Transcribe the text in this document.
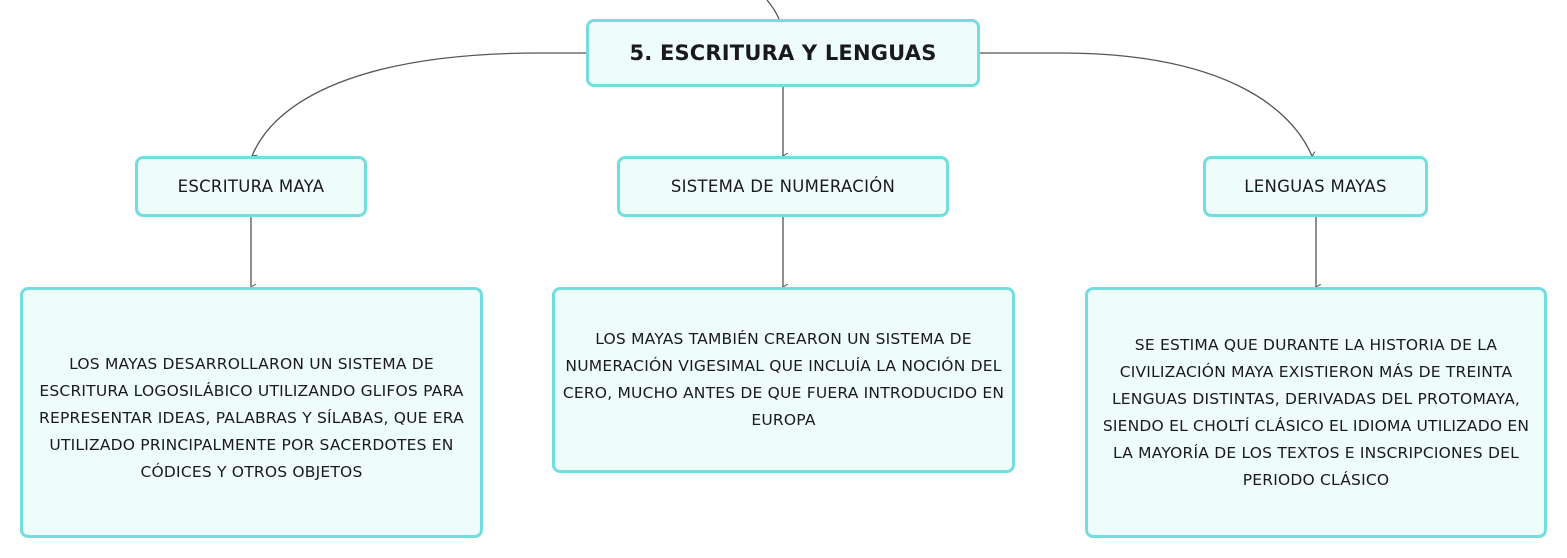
5. ESCRITURA Y LENGUAS
ESCRITURA MAYA	SISTEMA DE NUMERACIÓN	LENGUAS MAYAS
LOS MAYAS DESARROLLARON UN SISTEMA DE ESCRITURA LOGOSILÁBICO UTILIZANDO GLIFOS PARA REPRESENTAR IDEAS, PALABRAS Y SÍLABAS, QUE ERA UTILIZADO PRINCIPALMENTE POR SACERDOTES EN CÓDICES Y OTROS OBJETOS
LOS MAYAS TAMBIÉN CREARON UN SISTEMA DE NUMERACIÓN VIGESIMAL QUE INCLUÍA LA NOCIÓN DEL CERO, MUCHO ANTES DE QUE FUERA INTRODUCIDO EN EUROPA
SE ESTIMA QUE DURANTE LA HISTORIA DE LA CIVILIZACIÓN MAYA EXISTIERON MÁS DE TREINTA LENGUAS DISTINTAS, DERIVADAS DEL PROTOMAYA, SIENDO EL CHOLTÍ CLÁSICO EL IDIOMA UTILIZADO EN LA MAYORÍA DE LOS TEXTOS E INSCRIPCIONES DEL PERIODO CLÁSICO
